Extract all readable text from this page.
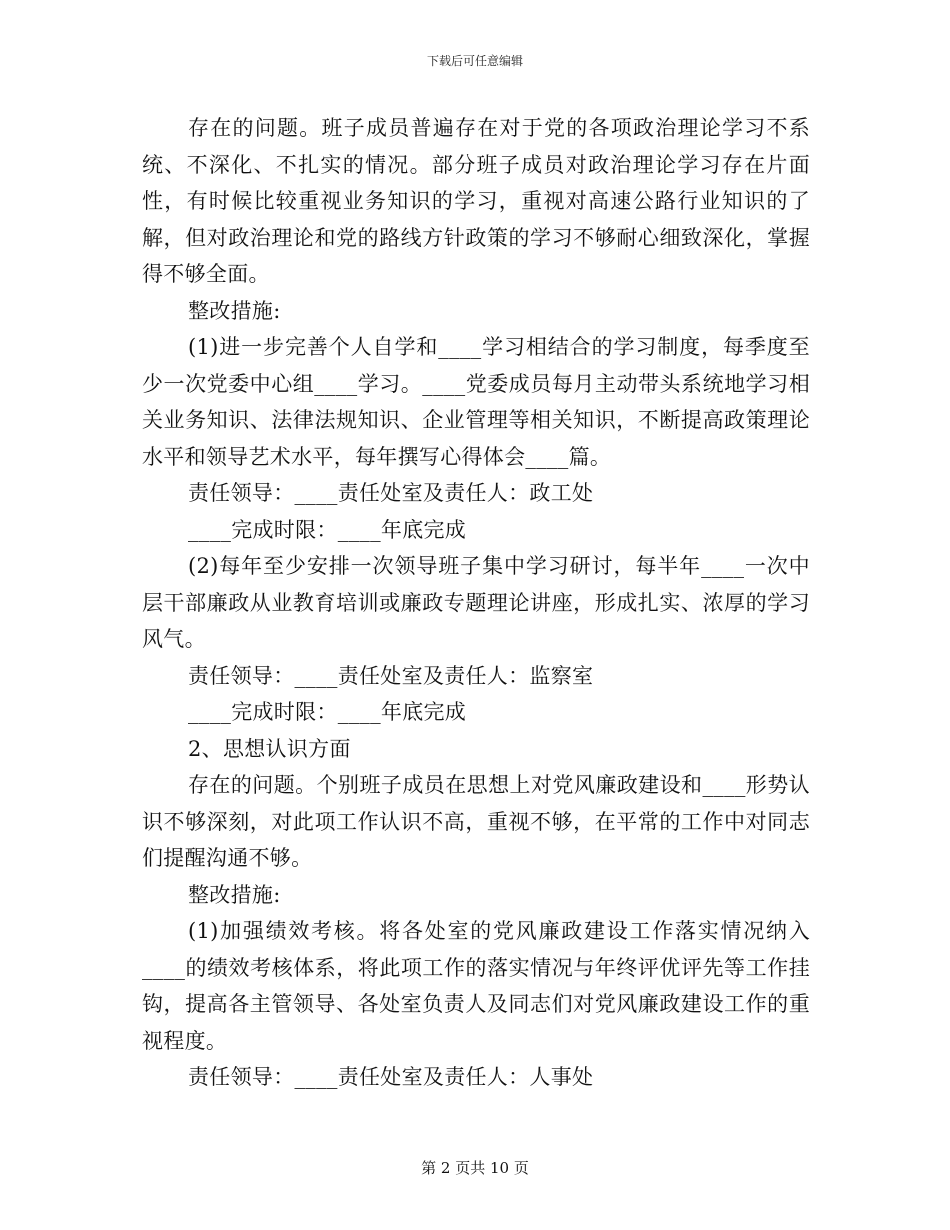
下载后可任意编辑

存在的问题。班子成员普遍存在对于党的各项政治理论学习不系统、不深化、不扎实的情况。部分班子成员对政治理论学习存在片面性，有时候比较重视业务知识的学习，重视对高速公路行业知识的了解，但对政治理论和党的路线方针政策的学习不够耐心细致深化，掌握得不够全面。

整改措施:

(1)进一步完善个人自学和____学习相结合的学习制度，每季度至少一次党委中心组____学习。____党委成员每月主动带头系统地学习相关业务知识、法律法规知识、企业管理等相关知识，不断提高政策理论水平和领导艺术水平，每年撰写心得体会____篇。

责任领导：____责任处室及责任人：政工处

____完成时限：____年底完成

(2)每年至少安排一次领导班子集中学习研讨，每半年____一次中层干部廉政从业教育培训或廉政专题理论讲座，形成扎实、浓厚的学习风气。

责任领导：____责任处室及责任人：监察室

____完成时限：____年底完成

2、思想认识方面

存在的问题。个别班子成员在思想上对党风廉政建设和____形势认识不够深刻，对此项工作认识不高，重视不够，在平常的工作中对同志们提醒沟通不够。

整改措施:

(1)加强绩效考核。将各处室的党风廉政建设工作落实情况纳入____的绩效考核体系，将此项工作的落实情况与年终评优评先等工作挂钩，提高各主管领导、各处室负责人及同志们对党风廉政建设工作的重视程度。

责任领导：____责任处室及责任人：人事处

第 2 页共 10 页
